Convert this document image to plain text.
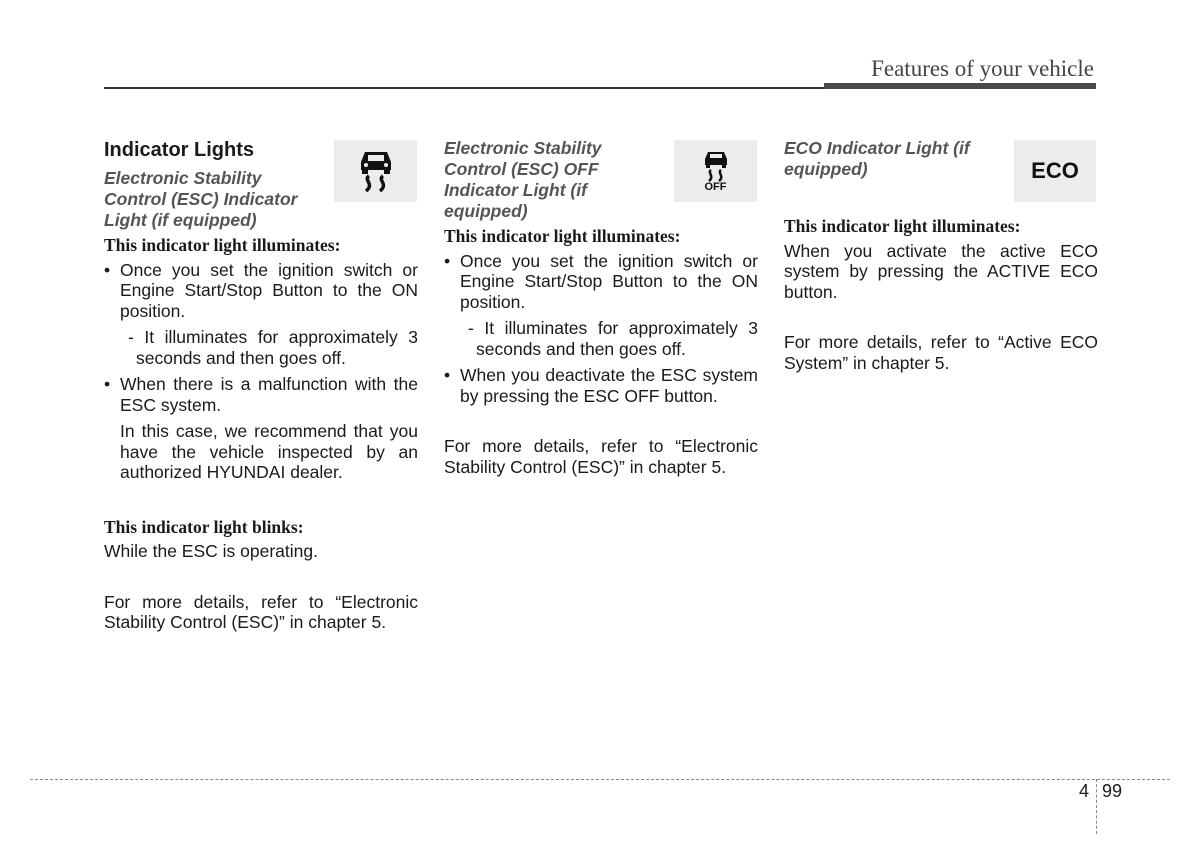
Features of your vehicle
Indicator Lights
Electronic Stability Control (ESC) Indicator Light (if equipped)
This indicator light illuminates:
• Once you set the ignition switch or Engine Start/Stop Button to the ON position.
- It illuminates for approximately 3 seconds and then goes off.
• When there is a malfunction with the ESC system.
In this case, we recommend that you have the vehicle inspected by an authorized HYUNDAI dealer.
This indicator light blinks:

While the ESC is operating.

For more details, refer to “Electronic Stability Control (ESC)” in chapter 5.

Electronic Stability Control (ESC) OFF Indicator Light (if equipped)
This indicator light illuminates:
• Once you set the ignition switch or Engine Start/Stop Button to the ON position.
- It illuminates for approximately 3 seconds and then goes off.
• When you deactivate the ESC system by pressing the ESC OFF button.

For more details, refer to “Electronic Stability Control (ESC)” in chapter 5.

OFF
ECO Indicator Light (if equipped)
This indicator light illuminates:

When you activate the active ECO system by pressing the ACTIVE ECO button.

For more details, refer to “Active ECO System” in chapter 5.

ECO
4 99
